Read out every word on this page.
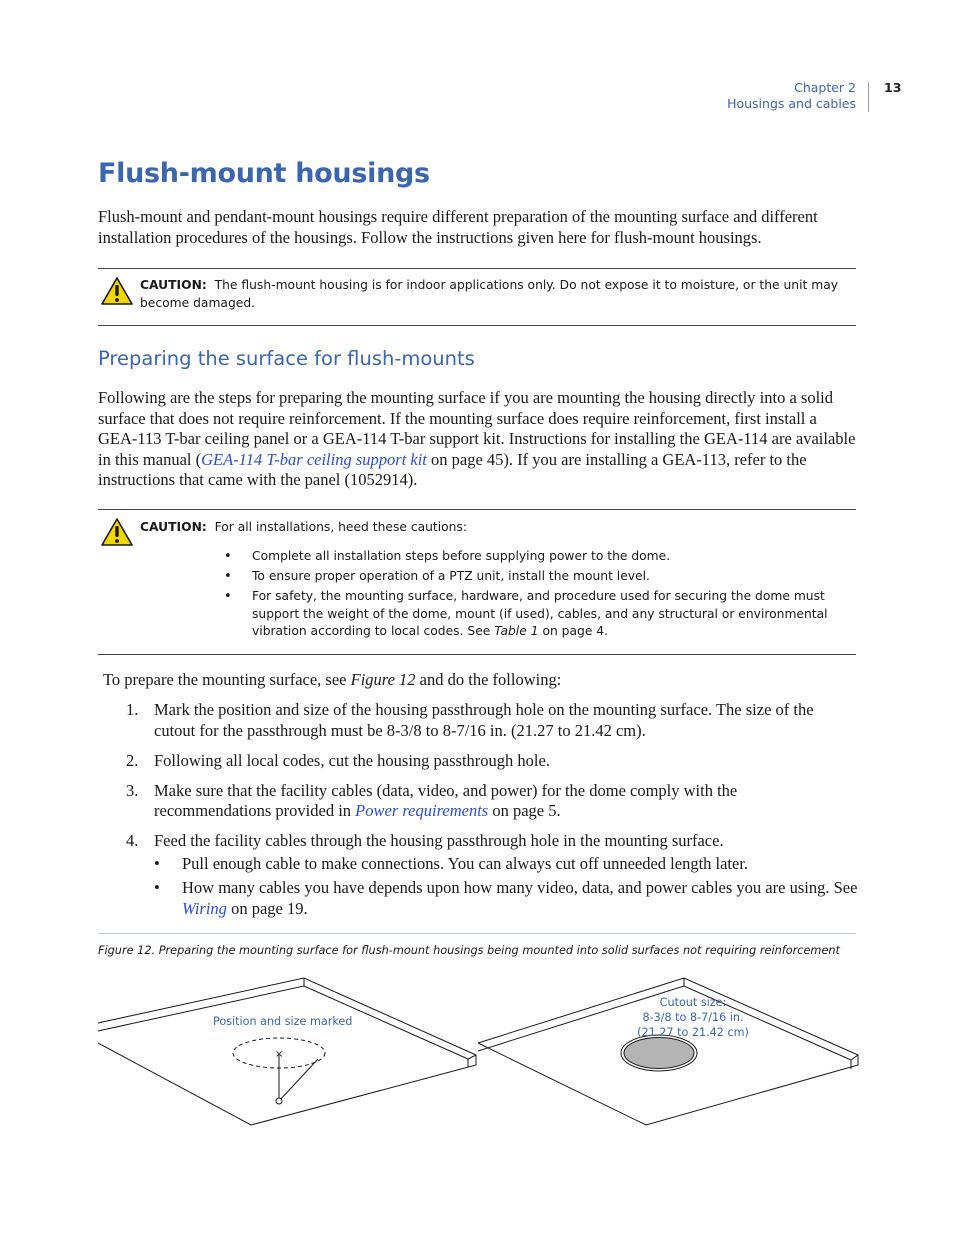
Chapter 2
Housings and cables
13
Flush-mount housings

Flush-mount and pendant-mount housings require different preparation of the mounting surface and different installation procedures of the housings. Follow the instructions given here for flush-mount housings.

CAUTION: The flush-mount housing is for indoor applications only. Do not expose it to moisture, or the unit may become damaged.
Preparing the surface for flush-mounts

Following are the steps for preparing the mounting surface if you are mounting the housing directly into a solid surface that does not require reinforcement. If the mounting surface does require reinforcement, first install a GEA-113 T-bar ceiling panel or a GEA-114 T-bar support kit. Instructions for installing the GEA-114 are available in this manual (GEA-114 T-bar ceiling support kit on page 45). If you are installing a GEA-113, refer to the instructions that came with the panel (1052914).

CAUTION: For all installations, heed these cautions:
• Complete all installation steps before supplying power to the dome.
• To ensure proper operation of a PTZ unit, install the mount level.
• For safety, the mounting surface, hardware, and procedure used for securing the dome must support the weight of the dome, mount (if used), cables, and any structural or environmental vibration according to local codes. See Table 1 on page 4.

To prepare the mounting surface, see Figure 12 and do the following:

1. Mark the position and size of the housing passthrough hole on the mounting surface. The size of the cutout for the passthrough must be 8-3/8 to 8-7/16 in. (21.27 to 21.42 cm).
2. Following all local codes, cut the housing passthrough hole.
3. Make sure that the facility cables (data, video, and power) for the dome comply with the recommendations provided in Power requirements on page 5.
4. Feed the facility cables through the housing passthrough hole in the mounting surface.
• Pull enough cable to make connections. You can always cut off unneeded length later.
• How many cables you have depends upon how many video, data, and power cables you are using. See Wiring on page 19.

Figure 12. Preparing the mounting surface for flush-mount housings being mounted into solid surfaces not requiring reinforcement

×
Position and size marked
Cutout size:
8-3/8 to 8-7/16 in.
(21.27 to 21.42 cm)
